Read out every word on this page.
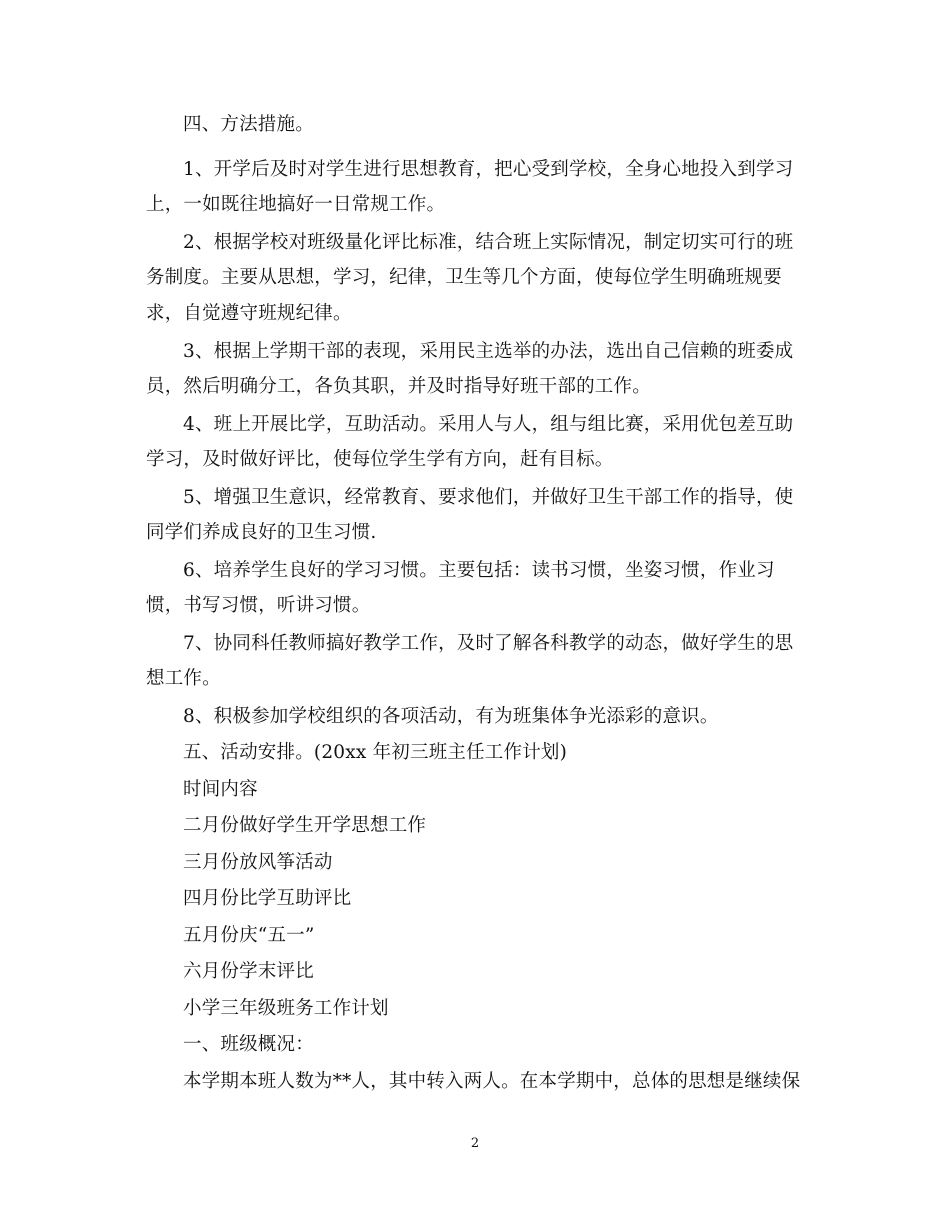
四、方法措施。
1、开学后及时对学生进行思想教育，把心受到学校，全身心地投入到学习
上，一如既往地搞好一日常规工作。
2、根据学校对班级量化评比标准，结合班上实际情况，制定切实可行的班
务制度。主要从思想，学习，纪律，卫生等几个方面，使每位学生明确班规要
求，自觉遵守班规纪律。
3、根据上学期干部的表现，采用民主选举的办法，选出自己信赖的班委成
员，然后明确分工，各负其职，并及时指导好班干部的工作。
4、班上开展比学，互助活动。采用人与人，组与组比赛，采用优包差互助
学习，及时做好评比，使每位学生学有方向，赶有目标。
5、增强卫生意识，经常教育、要求他们，并做好卫生干部工作的指导，使
同学们养成良好的卫生习惯.
6、培养学生良好的学习习惯。主要包括：读书习惯，坐姿习惯，作业习
惯，书写习惯，听讲习惯。
7、协同科任教师搞好教学工作，及时了解各科教学的动态，做好学生的思
想工作。
8、积极参加学校组织的各项活动，有为班集体争光添彩的意识。
五、活动安排。(20xx 年初三班主任工作计划)
时间内容
二月份做好学生开学思想工作
三月份放风筝活动
四月份比学互助评比
五月份庆“五一”
六月份学末评比
小学三年级班务工作计划
一、班级概况：
本学期本班人数为**人，其中转入两人。在本学期中，总体的思想是继续保
2
